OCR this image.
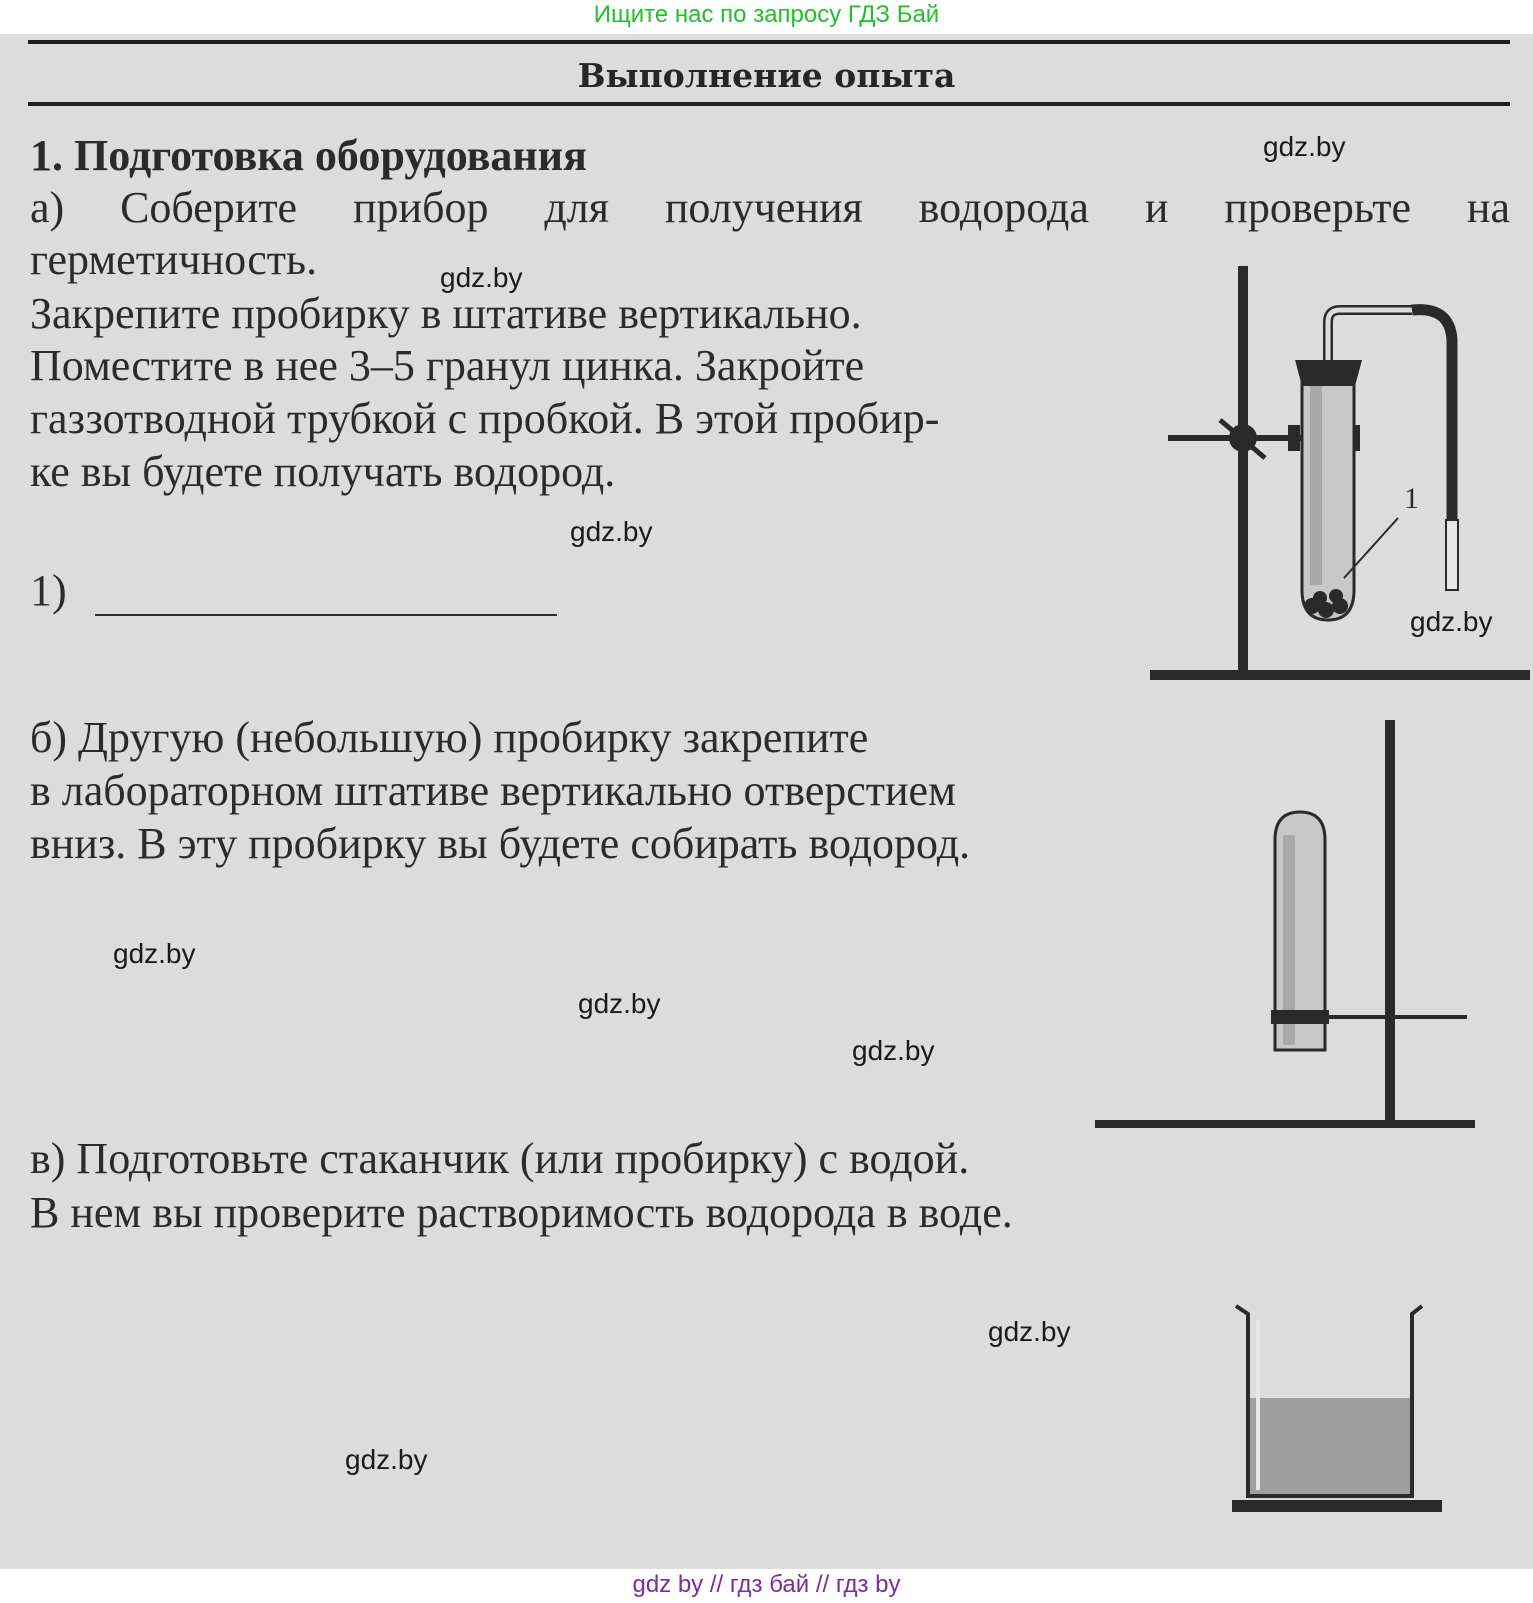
Ищите нас по запросу ГДЗ Бай
Выполнение опыта
1. Подготовка оборудования
а) Соберите прибор для получения водорода и проверьте на
герметичность.
Закрепите пробирку в штативе вертикально.
Поместите в нее 3–5 гранул цинка. Закройте
газзотводной трубкой с пробкой. В этой пробир-
ке вы будете получать водород.
1)
1
б) Другую (небольшую) пробирку закрепите
в лабораторном штативе вертикально отверстием
вниз. В эту пробирку вы будете собирать водород.
в) Подготовьте стаканчик (или пробирку) с водой.
В нем вы проверите растворимость водорода в воде.
gdz.by
gdz.by
gdz.by
gdz.by
gdz.by
gdz.by
gdz.by
gdz.by
gdz.by
gdz by // гдз бай // гдз by
